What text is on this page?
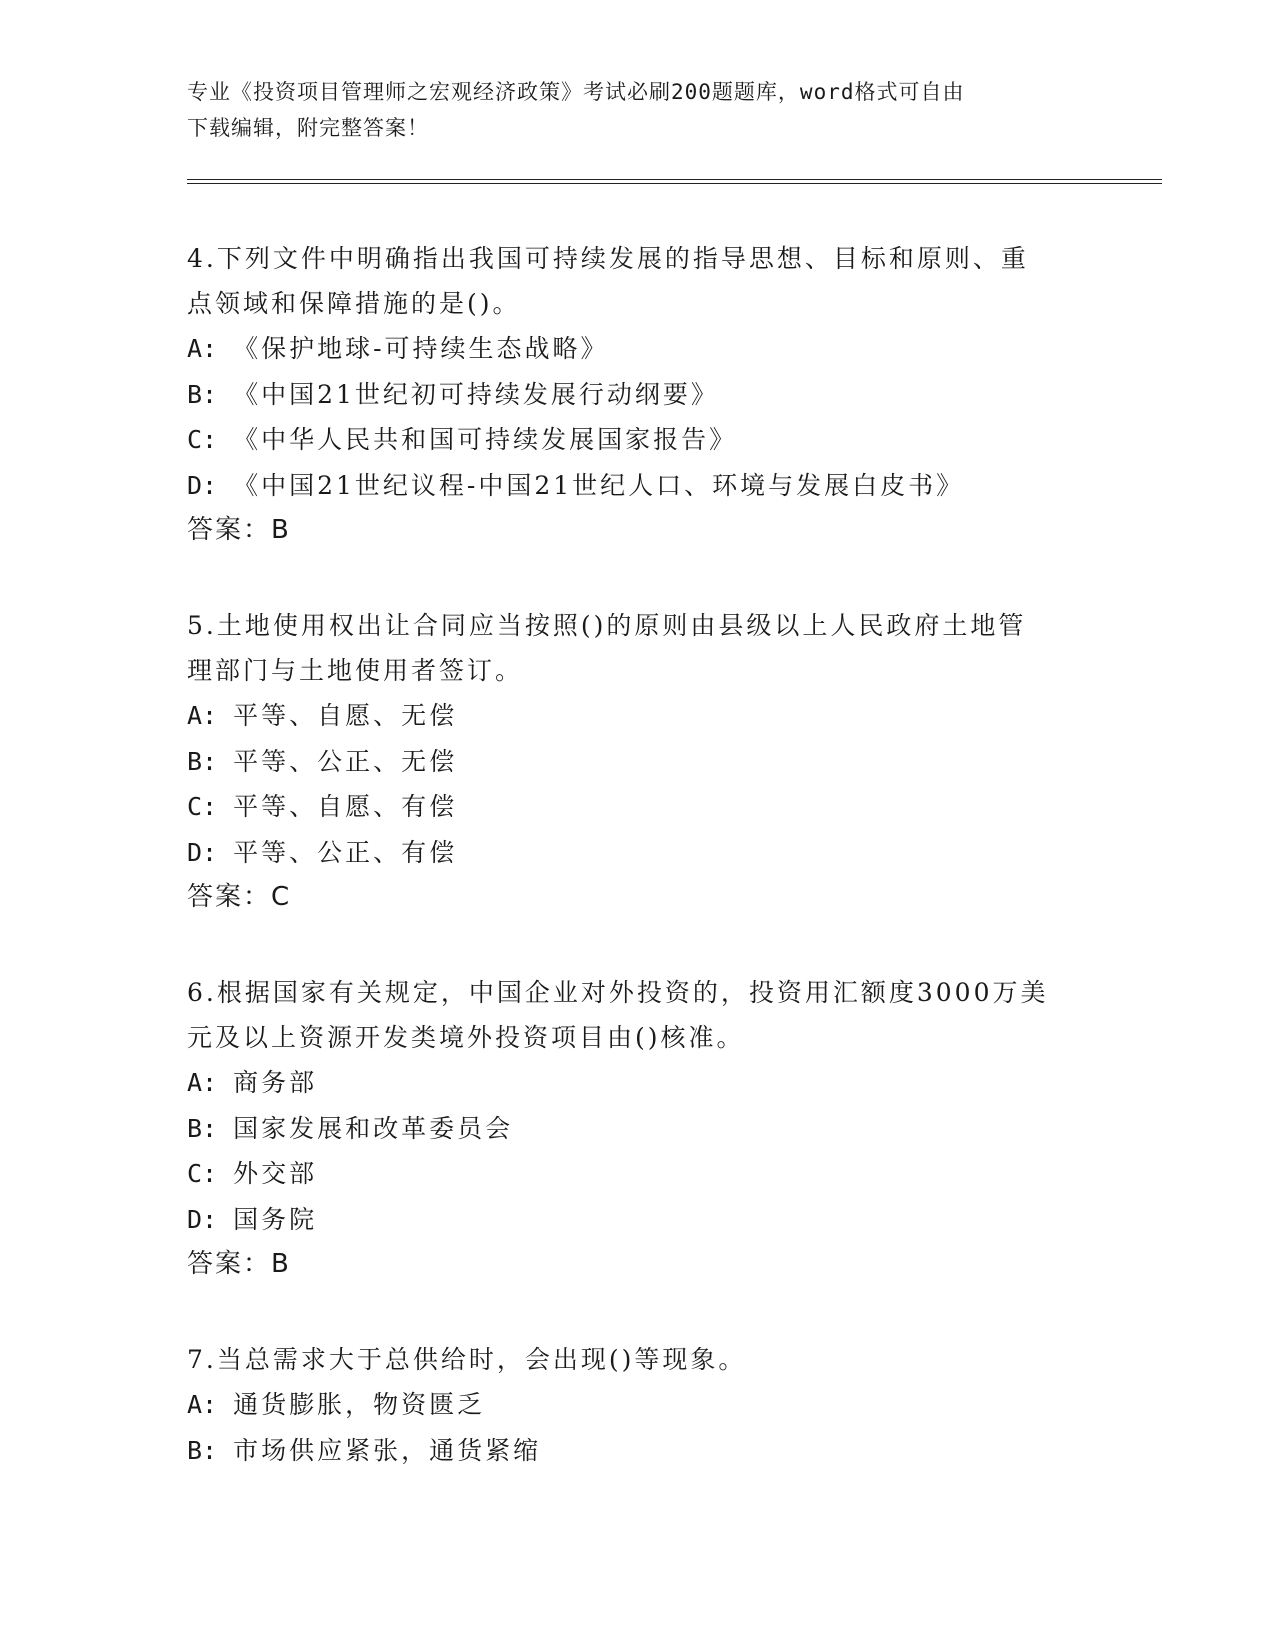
专业《投资项目管理师之宏观经济政策》考试必刷200题题库，word格式可自由
下载编辑，附完整答案！

4.下列文件中明确指出我国可持续发展的指导思想、目标和原则、重
点领域和保障措施的是()。

A: 《保护地球-可持续生态战略》

B: 《中国21世纪初可持续发展行动纲要》

C: 《中华人民共和国可持续发展国家报告》

D: 《中国21世纪议程-中国21世纪人口、环境与发展白皮书》

答案：B

5.土地使用权出让合同应当按照()的原则由县级以上人民政府土地管
理部门与土地使用者签订。

A: 平等、自愿、无偿

B: 平等、公正、无偿

C: 平等、自愿、有偿

D: 平等、公正、有偿

答案：C

6.根据国家有关规定，中国企业对外投资的，投资用汇额度3000万美
元及以上资源开发类境外投资项目由()核准。

A: 商务部

B: 国家发展和改革委员会

C: 外交部

D: 国务院

答案：B

7.当总需求大于总供给时，会出现()等现象。

A: 通货膨胀，物资匮乏

B: 市场供应紧张，通货紧缩
